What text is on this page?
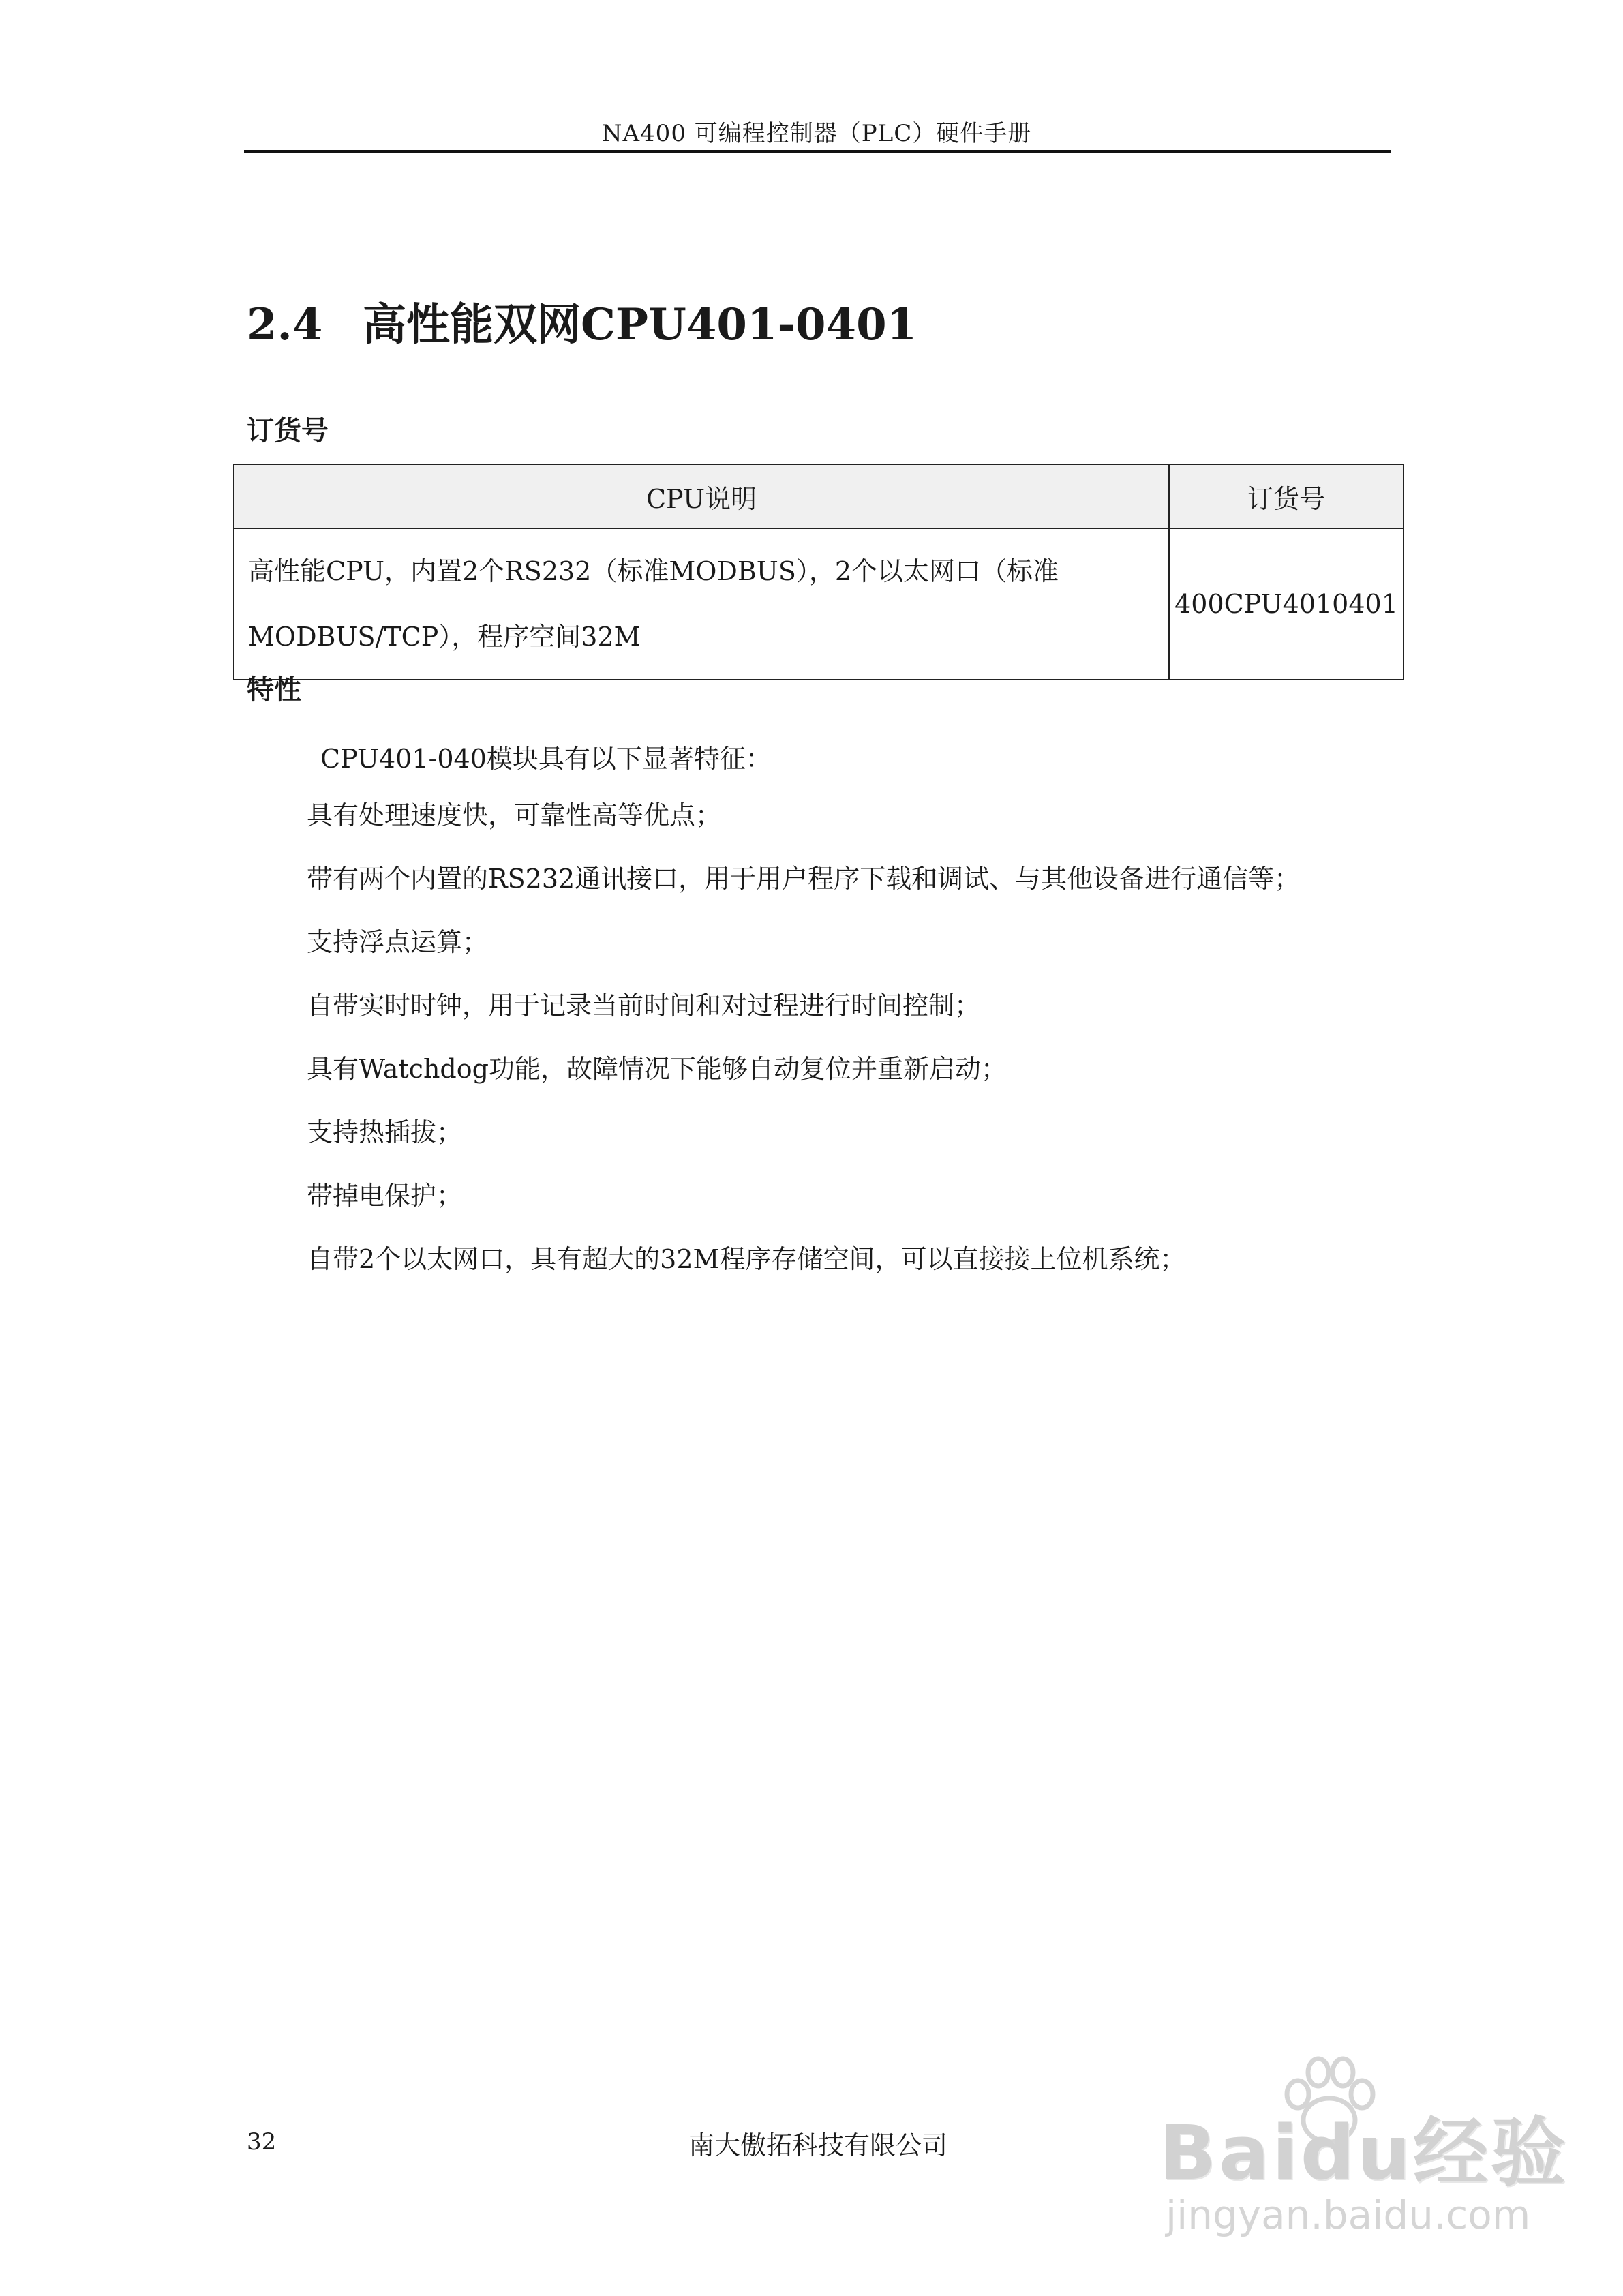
NA400 可编程控制器（PLC）硬件手册
2.4 高性能双网CPU401-0401
订货号
CPU说明	订货号
高性能CPU，内置2个RS232（标准MODBUS），2个以太网口（标准
MODBUS/TCP），程序空间32M	400CPU4010401
特性
CPU401-040模块具有以下显著特征：
具有处理速度快，可靠性高等优点；
带有两个内置的RS232通讯接口，用于用户程序下载和调试、与其他设备进行通信等；
支持浮点运算；
自带实时时钟，用于记录当前时间和对过程进行时间控制；
具有Watchdog功能，故障情况下能够自动复位并重新启动；
支持热插拔；
带掉电保护；
自带2个以太网口，具有超大的32M程序存储空间，可以直接接上位机系统；
32	南大傲拓科技有限公司	Baidu经验
jingyan.baidu.com
